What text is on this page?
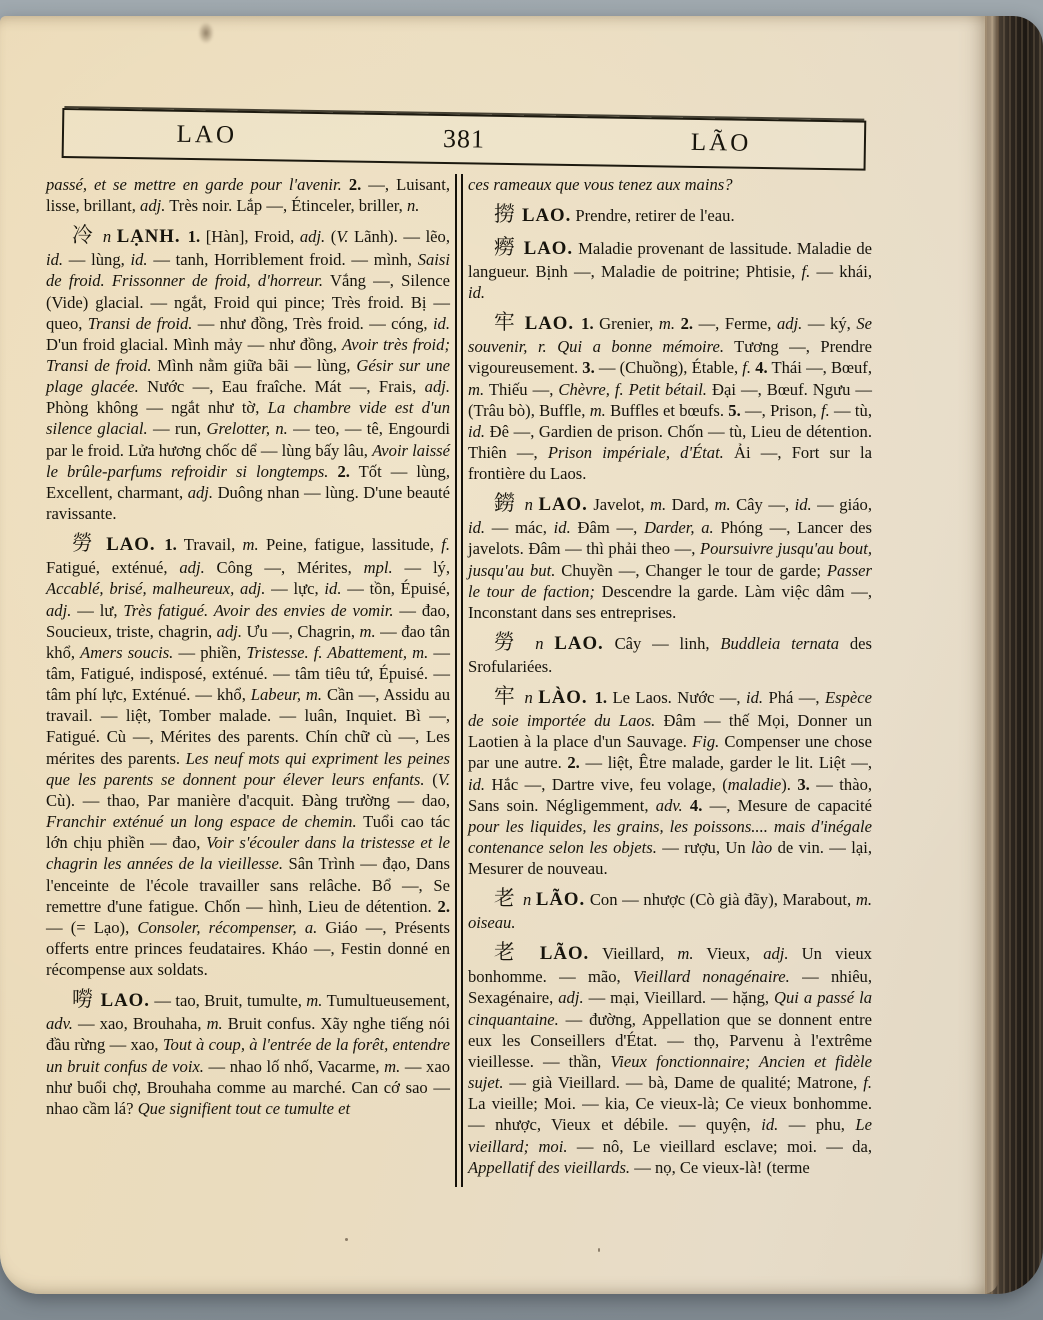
LAO	381	LÃO

passé, et se mettre en garde pour l'avenir. 2. —, Luisant, lisse, brillant, adj. Très noir. Lắp —, Étinceler, briller, n.

冷 n LẠNH. 1. [Hàn], Froid, adj. (V. Lãnh). — lẽo, id. — lùng, id. — tanh, Horriblement froid. — mình, Saisi de froid. Frissonner de froid, d'horreur. Vắng —, Silence (Vide) glacial. — ngắt, Froid qui pince; Très froid. Bị — queo, Transi de froid. — như đồng, Très froid. — cóng, id. D'un froid glacial. Mình mảy — như đồng, Avoir très froid; Transi de froid. Mình nằm giữa bãi — lùng, Gésir sur une plage glacée. Nước —, Eau fraîche. Mát —, Frais, adj. Phòng không — ngắt như tờ, La chambre vide est d'un silence glacial. — run, Grelotter, n. — teo, — tê, Engourdi par le froid. Lửa hương chốc dể — lùng bấy lâu, Avoir laissé le brûle-parfums refroidir si longtemps. 2. Tốt — lùng, Excellent, charmant, adj. Duông nhan — lùng. D'une beauté ravissante.

勞 LAO. 1. Travail, m. Peine, fatigue, lassitude, f. Fatigué, exténué, adj. Công —, Mérites, mpl. — lý, Accablé, brisé, malheureux, adj. — lực, id. — tồn, Épuisé, adj. — lư, Très fatigué. Avoir des envies de vomir. — đao, Soucieux, triste, chagrin, adj. Ưu —, Chagrin, m. — đao tân khổ, Amers soucis. — phiền, Tristesse. f. Abattement, m. — tâm, Fatigué, indisposé, exténué. — tâm tiêu tứ, Épuisé. — tâm phí lực, Exténué. — khổ, Labeur, m. Cần —, Assidu au travail. — liệt, Tomber malade. — luân, Inquiet. Bì —, Fatigué. Cù —, Mérites des parents. Chín chữ cù —, Les mérites des parents. Les neuf mots qui expriment les peines que les parents se donnent pour élever leurs enfants. (V. Cù). — thao, Par manière d'acquit. Đàng trường — dao, Franchir exténué un long espace de chemin. Tuổi cao tác lớn chịu phiền — đao, Voir s'écouler dans la tristesse et le chagrin les années de la vieillesse. Sân Trình — đạo, Dans l'enceinte de l'école travailler sans relâche. Bổ —, Se remettre d'une fatigue. Chốn — hình, Lieu de détention. 2. — (= Lạo), Consoler, récompenser, a. Giáo —, Présents offerts entre princes feudataires. Kháo —, Festin donné en récompense aux soldats.

嘮 LAO. — tao, Bruit, tumulte, m. Tumultueusement, adv. — xao, Brouhaha, m. Bruit confus. Xãy nghe tiếng nói đầu rừng — xao, Tout à coup, à l'entrée de la forêt, entendre un bruit confus de voix. — nhao lố nhố, Vacarme, m. — xao như buổi chợ, Brouhaha comme au marché. Can cớ sao — nhao cầm lá? Que signifient tout ce tumulte et

ces rameaux que vous tenez aux mains?

撈 LAO. Prendre, retirer de l'eau.

癆 LAO. Maladie provenant de lassitude. Maladie de langueur. Bịnh —, Maladie de poitrine; Phtisie, f. — khái, id.

牢 LAO. 1. Grenier, m. 2. —, Ferme, adj. — ký, Se souvenir, r. Qui a bonne mémoire. Tương —, Prendre vigoureusement. 3. — (Chuồng), Étable, f. 4. Thái —, Bœuf, m. Thiếu —, Chèvre, f. Petit bétail. Đại —, Bœuf. Ngưu — (Trâu bò), Buffle, m. Buffles et bœufs. 5. —, Prison, f. — tù, id. Đê —, Gardien de prison. Chốn — tù, Lieu de détention. Thiên —, Prison impériale, d'État. Ải —, Fort sur la frontière du Laos.

鐒 n LAO. Javelot, m. Dard, m. Cây —, id. — giáo, id. — mác, id. Đâm —, Darder, a. Phóng —, Lancer des javelots. Đâm — thì phải theo —, Poursuivre jusqu'au bout, jusqu'au but. Chuyền —, Changer le tour de garde; Passer le tour de faction; Descendre la garde. Làm việc dâm —, Inconstant dans ses entreprises.

勞 n LAO. Cây — linh, Buddleia ternata des Srofulariées.

牢 n LÀO. 1. Le Laos. Nước —, id. Phá —, Espèce de soie importée du Laos. Đâm — thế Mọi, Donner un Laotien à la place d'un Sauvage. Fig. Compenser une chose par une autre. 2. — liệt, Être malade, garder le lit. Liệt —, id. Hắc —, Dartre vive, feu volage, (maladie). 3. — thào, Sans soin. Négligemment, adv. 4. —, Mesure de capacité pour les liquides, les grains, les poissons.... mais d'inégale contenance selon les objets. — rượu, Un lào de vin. — lại, Mesurer de nouveau.

老 n LÃO. Con — nhược (Cò già đãy), Marabout, m. oiseau.

老 LÃO. Vieillard, m. Vieux, adj. Un vieux bonhomme. — mão, Vieillard nonagénaire. — nhiêu, Sexagénaire, adj. — mại, Vieillard. — hặng, Qui a passé la cinquantaine. — đường, Appellation que se donnent entre eux les Conseillers d'État. — thọ, Parvenu à l'extrême vieillesse. — thần, Vieux fonctionnaire; Ancien et fidèle sujet. — già Vieillard. — bà, Dame de qualité; Matrone, f. La vieille; Moi. — kia, Ce vieux-là; Ce vieux bonhomme. — nhược, Vieux et débile. — quyện, id. — phu, Le vieillard; moi. — nô, Le vieillard esclave; moi. — da, Appellatif des vieillards. — nọ, Ce vieux-là! (terme
